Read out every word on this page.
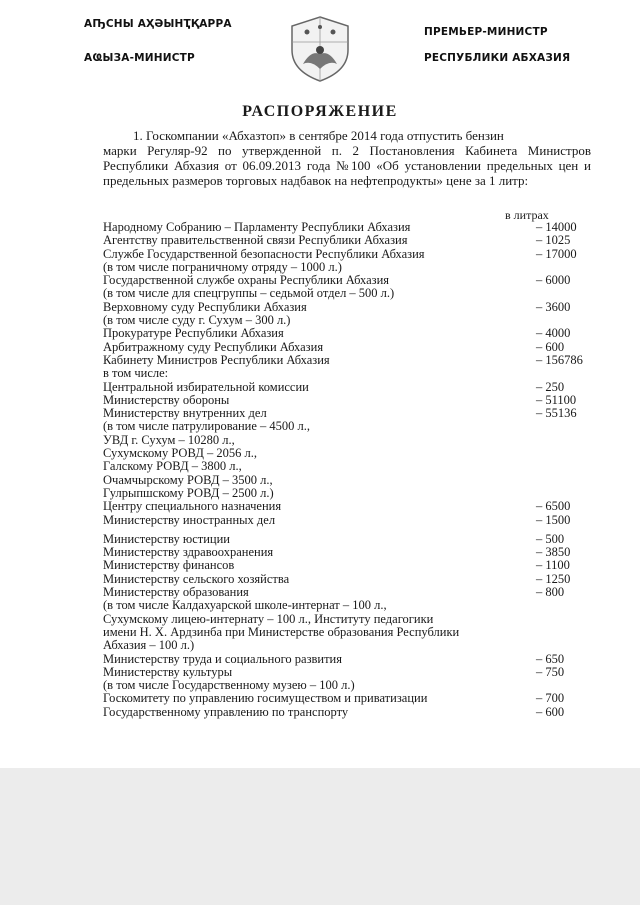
АҦСНЫ АҲӘЫНҬҚАРРА
АҨЫЗА-МИНИСТР
ПРЕМЬЕР-МИНИСТР
РЕСПУБЛИКИ АБХАЗИЯ
РАСПОРЯЖЕНИЕ
1. Госкомпании «Абхазтоп» в сентябре 2014 года отпустить бензин
марки Регуляр-92 по утвержденной п. 2 Постановления Кабинета Министров Республики Абхазия от 06.09.2013 года №100 «Об установлении предельных цен и предельных размеров торговых надбавок на нефтепродукты» цене за 1 литр:
в литрах
Народному Собранию – Парламенту Республики Абхазия	– 14000
Агентству правительственной связи Республики Абхазия	– 1025
Службе Государственной безопасности Республики Абхазия	– 17000
(в том числе пограничному отряду – 1000 л.)
Государственной службе охраны Республики Абхазия	– 6000
(в том числе для спецгруппы – седьмой отдел – 500 л.)
Верховному суду Республики Абхазия	– 3600
(в том числе суду г. Сухум – 300 л.)
Прокуратуре Республики Абхазия	– 4000
Арбитражному суду Республики Абхазия	– 600
Кабинету Министров Республики Абхазия	– 156786
в том числе:
Центральной избирательной комиссии	– 250
Министерству обороны	– 51100
Министерству внутренних дел	– 55136
(в том числе патрулирование – 4500 л.,
УВД г. Сухум – 10280 л.,
Сухумскому РОВД – 2056 л.,
Галскому РОВД – 3800 л.,
Очамчырскому РОВД – 3500 л.,
Гулрыпшскому РОВД – 2500 л.)
Центру специального назначения	– 6500
Министерству иностранных дел	– 1500
Министерству юстиции	– 500
Министерству здравоохранения	– 3850
Министерству финансов	– 1100
Министерству сельского хозяйства	– 1250
Министерству образования	– 800
(в том числе Калдахуарской школе-интернат – 100 л.,
Сухумскому лицею-интернату – 100 л., Институту педагогики
имени Н. Х. Ардзинба при Министерстве образования Республики
Абхазия – 100 л.)
Министерству труда и социального развития	– 650
Министерству культуры	– 750
(в том числе Государственному музею – 100 л.)
Госкомитету по управлению госимуществом и приватизации	– 700
Государственному управлению по транспорту	– 600
